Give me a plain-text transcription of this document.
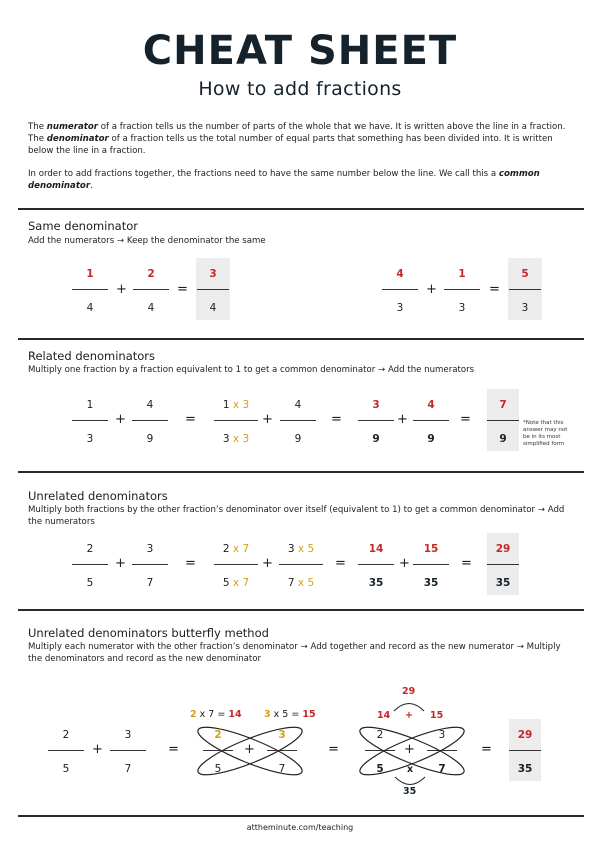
CHEAT SHEET
How to add fractions
The numerator of a fraction tells us the number of parts of the whole that we have. It is written above the line in a fraction. The denominator of a fraction tells us the total number of equal parts that something has been divided into. It is written below the line in a fraction.
In order to add fractions together, the fractions need to have the same number below the line. We call this a common denominator.
Same denominator
Add the numerators → Keep the denominator the same
1
4
+
2
4
=
3
4
4
3
+
1
3
=
5
3
Related denominators
Multiply one fraction by a fraction equivalent to 1 to get a common denominator → Add the numerators
1
3
+
4
9
=
1 x 3
3 x 3
+
4
9
=
3
9
+
4
9
=
7
9
*Note that this answer may not be in its most simplified form
Unrelated denominators
Multiply both fractions by the other fraction’s denominator over itself (equivalent to 1) to get a common denominator → Add the numerators
2
5
+
3
7
=
2 x 7
5 x 7
+
3 x 5
7 x 5
=
14
35
+
15
35
=
29
35
Unrelated denominators butterfly method
Multiply each numerator with the other fraction’s denominator → Add together and record as the new numerator → Multiply the denominators and record as the new denominator
2
5
+
3
7
=
2 x 7 = 14 3 x 5 = 15
2
5
+
3
7
=
29
14 + 15
2
5
+
3
7
x
35
=
29
35
attheminute.com/teaching
